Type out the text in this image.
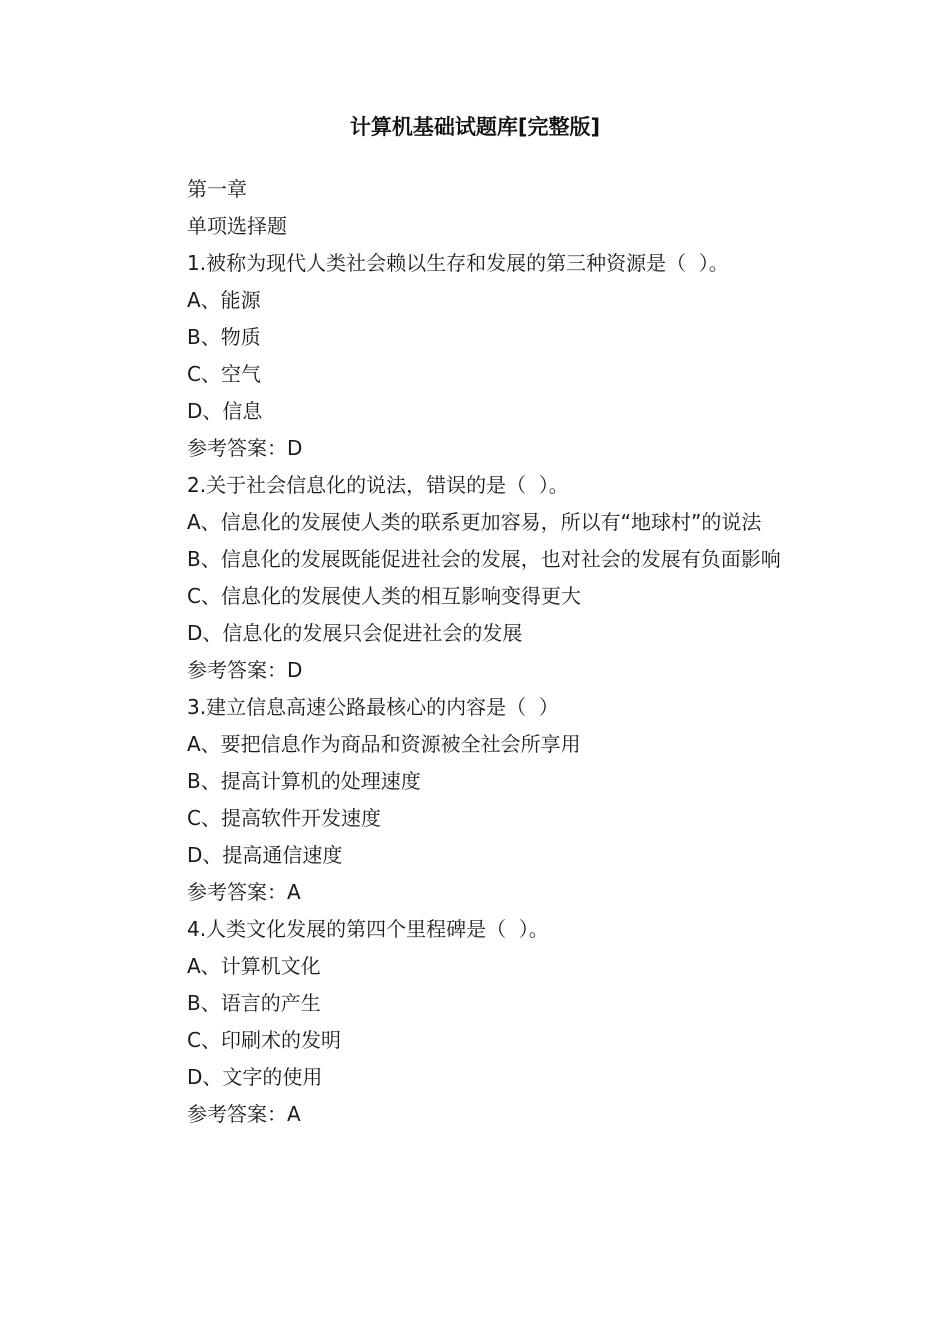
计算机基础试题库[完整版]

第一章

单项选择题

1.被称为现代人类社会赖以生存和发展的第三种资源是（  ）。

A、能源

B、物质

C、空气

D、信息

参考答案：D

2.关于社会信息化的说法，错误的是（  ）。

A、信息化的发展使人类的联系更加容易，所以有“地球村”的说法

B、信息化的发展既能促进社会的发展，也对社会的发展有负面影响

C、信息化的发展使人类的相互影响变得更大

D、信息化的发展只会促进社会的发展

参考答案：D

3.建立信息高速公路最核心的内容是（  ）

A、要把信息作为商品和资源被全社会所享用

B、提高计算机的处理速度

C、提高软件开发速度

D、提高通信速度

参考答案：A

4.人类文化发展的第四个里程碑是（  ）。

A、计算机文化

B、语言的产生

C、印刷术的发明

D、文字的使用

参考答案：A
